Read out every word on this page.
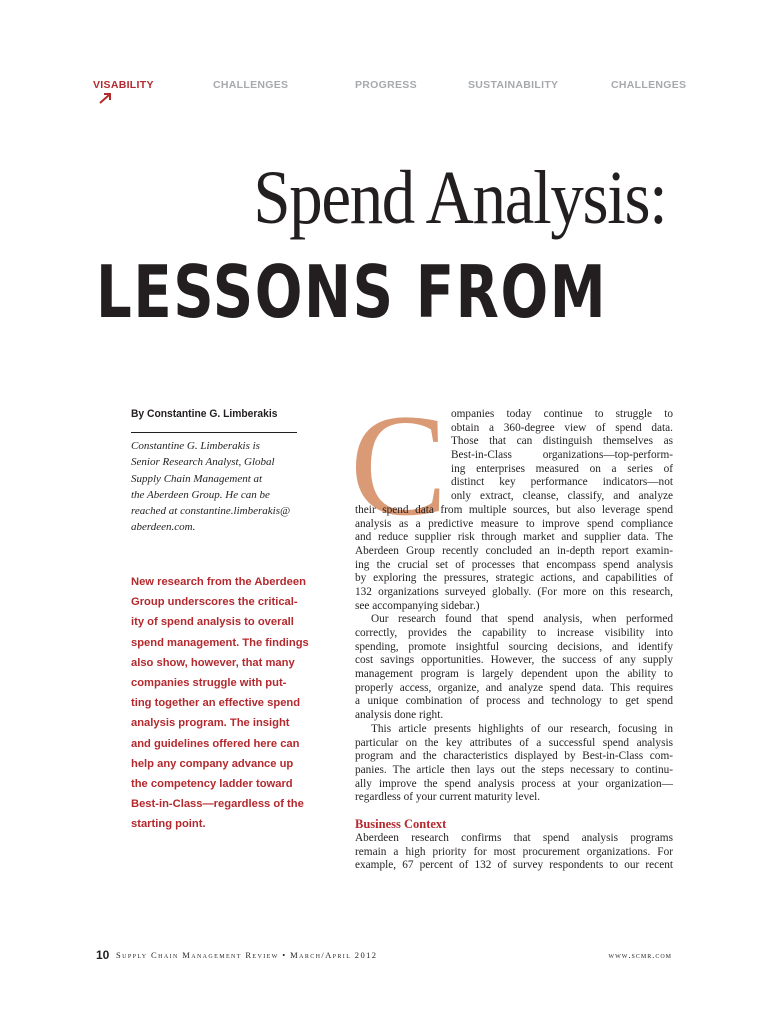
VISABILITY	CHALLENGES	PROGRESS	SUSTAINABILITY	CHALLENGES
Spend Analysis:
LESSONS FROM
By Constantine G. Limberakis
Constantine G. Limberakis is
Senior Research Analyst, Global
Supply Chain Management at
the Aberdeen Group. He can be
reached at constantine.limberakis@
aberdeen.com.
New research from the Aberdeen
Group underscores the critical-
ity of spend analysis to overall
spend management. The findings
also show, however, that many
companies struggle with put-
ting together an effective spend
analysis program. The insight
and guidelines offered here can
help any company advance up
the competency ladder toward
Best-in-Class—regardless of the
starting point.
C ompanies today continue to struggle to
obtain a 360-degree view of spend data.
Those that can distinguish themselves as
Best-in-Class organizations—top-perform-
ing enterprises measured on a series of
distinct key performance indicators—not
only extract, cleanse, classify, and analyze
their spend data from multiple sources, but also leverage spend
analysis as a predictive measure to improve spend compliance
and reduce supplier risk through market and supplier data. The
Aberdeen Group recently concluded an in-depth report examin-
ing the crucial set of processes that encompass spend analysis
by exploring the pressures, strategic actions, and capabilities of
132 organizations surveyed globally. (For more on this research,
see accompanying sidebar.)
Our research found that spend analysis, when performed
correctly, provides the capability to increase visibility into
spending, promote insightful sourcing decisions, and identify
cost savings opportunities. However, the success of any supply
management program is largely dependent upon the ability to
properly access, organize, and analyze spend data. This requires
a unique combination of process and technology to get spend
analysis done right.
This article presents highlights of our research, focusing in
particular on the key attributes of a successful spend analysis
program and the characteristics displayed by Best-in-Class com-
panies. The article then lays out the steps necessary to continu-
ally improve the spend analysis process at your organization—
regardless of your current maturity level.
Business Context
Aberdeen research confirms that spend analysis programs
remain a high priority for most procurement organizations. For
example, 67 percent of 132 of survey respondents to our recent
10 Supply Chain Management Review • March/April 2012	www.scmr.com
